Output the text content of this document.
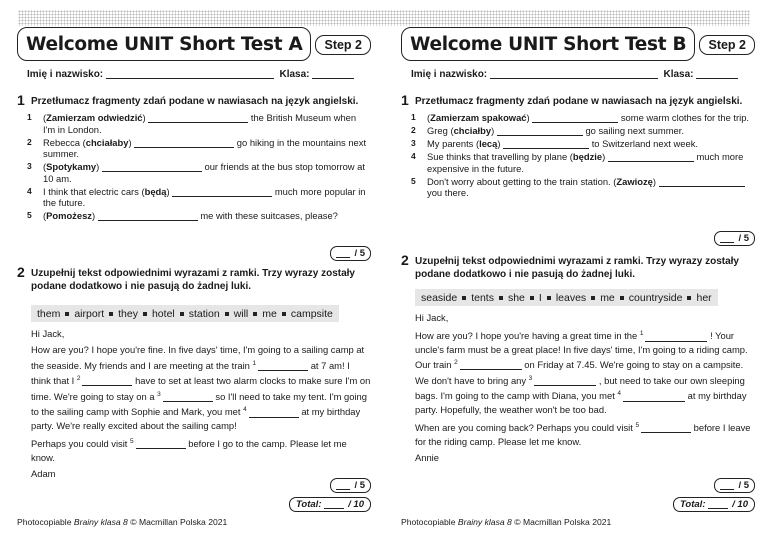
Welcome UNIT Short Test A	Step 2
Imię i nazwisko:	Klasa:
1 Przetłumacz fragmenty zdań podane w nawiasach na język angielski.
1	(Zamierzam odwiedzić)	the British Museum when I'm in London.
2	Rebecca (chciałaby)	go hiking in the mountains next summer.
3	(Spotykamy)	our friends at the bus stop tomorrow at 10 am.
4	I think that electric cars (będą)	much more popular in the future.
5	(Pomożesz)	me with these suitcases, please?
/ 5
2 Uzupełnij tekst odpowiednimi wyrazami z ramki. Trzy wyrazy zostały podane dodatkowo i nie pasują do żadnej luki.
them airport they hotel station will me campsite

Hi Jack,

How are you? I hope you're fine. In five days' time, I'm going to a sailing camp at the seaside. My friends and I are meeting at the train $^1$	at 7 am! I think that I $^2$	have to set at least two alarm clocks to make sure I'm on time. We're going to stay on a $^3$	so I'll need to take my tent. I'm going to the sailing camp with Sophie and Mark, you met $^4$	at my birthday party. We're really excited about the sailing camp!

Perhaps you could visit $^5$	before I go to the camp. Please let me know.

Adam

/ 5
Total:
	/ 10
Photocopiable Brainy klasa 8 © Macmillan Polska 2021
Welcome UNIT Short Test B	Step 2
Imię i nazwisko:	Klasa:
1 Przetłumacz fragmenty zdań podane w nawiasach na język angielski.
1	(Zamierzam spakować)	some warm clothes for the trip.
2	Greg (chciałby)	go sailing next summer.
3	My parents (lecą)	to Switzerland next week.
4	Sue thinks that travelling by plane (będzie)	much more expensive in the future.
5	Don't worry about getting to the train station. (Zawiozę)  you there.
/ 5
2 Uzupełnij tekst odpowiednimi wyrazami z ramki. Trzy wyrazy zostały podane dodatkowo i nie pasują do żadnej luki.
seaside tents she I leaves me countryside her

Hi Jack,

How are you? I hope you're having a great time in the $^1$	! Your uncle's farm must be a great place! In five days' time, I'm going to a riding camp. Our train $^2$	on Friday at 7.45. We're going to stay on a campsite. We don't have to bring any $^3$	, but need to take our own sleeping bags. I'm going to the camp with Diana, you met $^4$	at my birthday party. Hopefully, the weather won't be too bad.

When are you coming back? Perhaps you could visit $^5$	before I leave for the riding camp. Please let me know.

Annie

/ 5
Total:
	/ 10
Photocopiable Brainy klasa 8 © Macmillan Polska 2021
